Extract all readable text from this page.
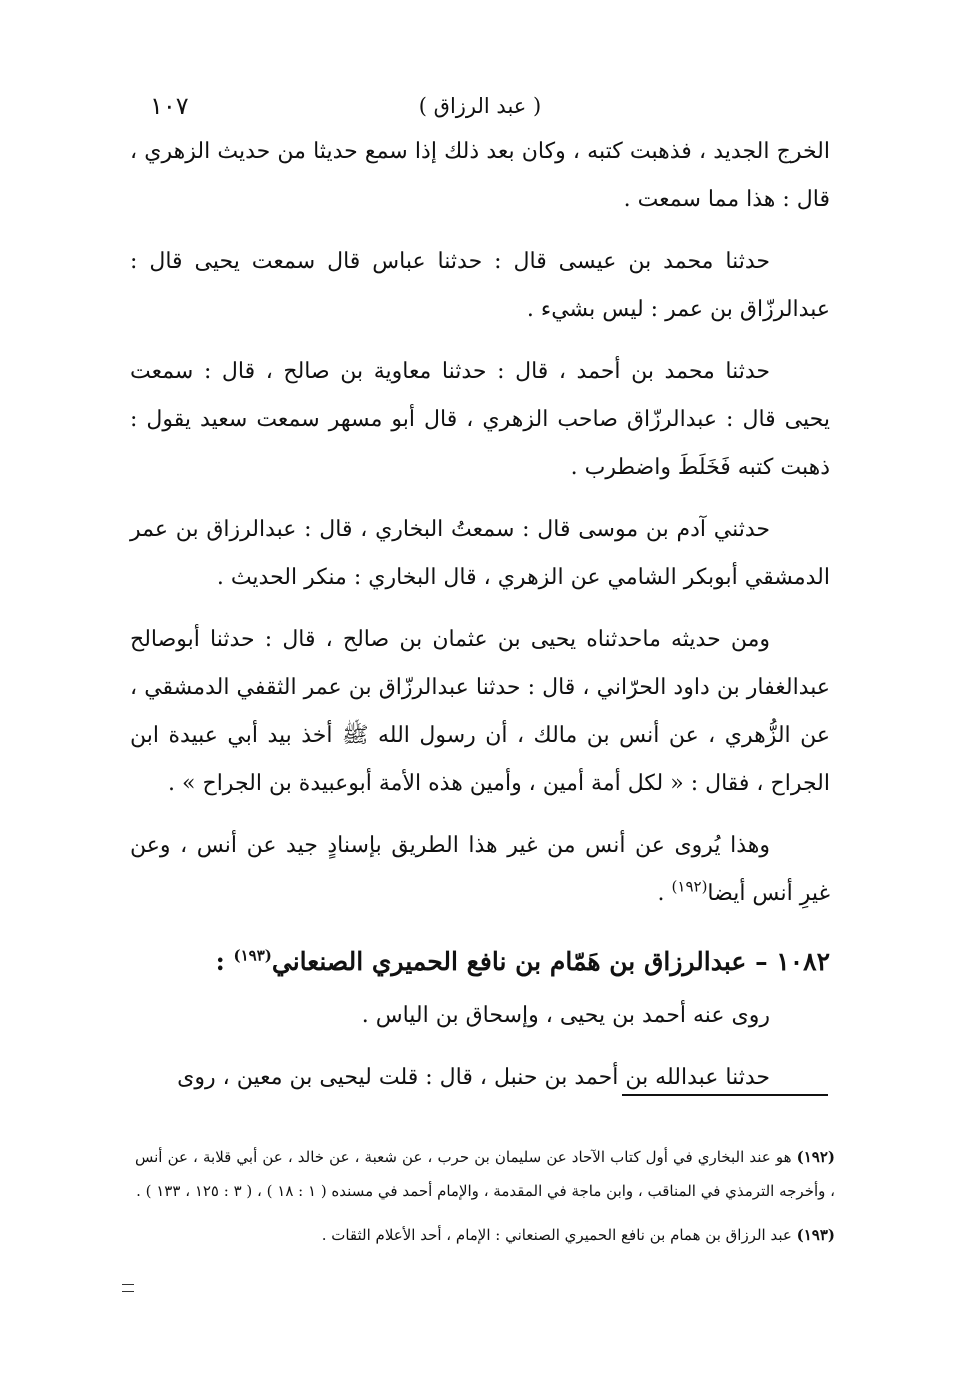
( عبد الرزاق )
١٠٧

الخرج الجديد ، فذهبت كتبه ، وكان بعد ذلك إذا سمع حديثا من حديث الزهري ، قال : هذا مما سمعت .

حدثنا محمد بن عيسى قال : حدثنا عباس قال سمعت يحيى قال : عبدالرزّاق بن عمر : ليس بشيء .

حدثنا محمد بن أحمد ، قال : حدثنا معاوية بن صالح ، قال : سمعت يحيى قال : عبدالرزّاق صاحب الزهري ، قال أبو مسهر سمعت سعيد يقول : ذهبت كتبه فَخَلَطَ واضطرب .

حدثني آدم بن موسى قال : سمعتُ البخاري ، قال : عبدالرزاق بن عمر الدمشقي أبوبكر الشامي عن الزهري ، قال البخاري : منكر الحديث .

ومن حديثه ماحدثناه يحيى بن عثمان بن صالح ، قال : حدثنا أبوصالح عبدالغفار بن داود الحرّاني ، قال : حدثنا عبدالرزّاق بن عمر الثقفي الدمشقي ، عن الزُّهري ، عن أنس بن مالك ، أن رسول الله ﷺ أخذ بيد أبي عبيدة ابن الجراح ، فقال : « لكل أمة أمين ، وأمين هذه الأمة أبوعبيدة بن الجراح » .

وهذا يُروى عن أنس من غير هذا الطريق بإسنادٍ جيد عن أنس ، وعن غيرِ أنس أيضا$^{(١٩٢)}$ .

١٠٨٢ – عبدالرزاق بن هَمّام بن نافع الحميري الصنعاني$^{(١٩٣)}$ :

روى عنه أحمد بن يحيى ، وإسحاق بن الياس .

حدثنا عبدالله بن أحمد بن حنبل ، قال : قلت ليحيى بن معين ، روى

(١٩٢) هو عند البخاري في أول كتاب الآحاد عن سليمان بن حرب ، عن شعبة ، عن خالد ، عن أبي قلابة ، عن أنس ، وأخرجه الترمذي في المناقب ، وابن ماجة في المقدمة ، والإمام أحمد في مسنده ( ١ : ١٨ ) ، ( ٣ : ١٢٥ ، ١٣٣ ) .

(١٩٣) عبد الرزاق بن همام بن نافع الحميري الصنعاني : الإمام ، أحد الأعلام الثقات .
